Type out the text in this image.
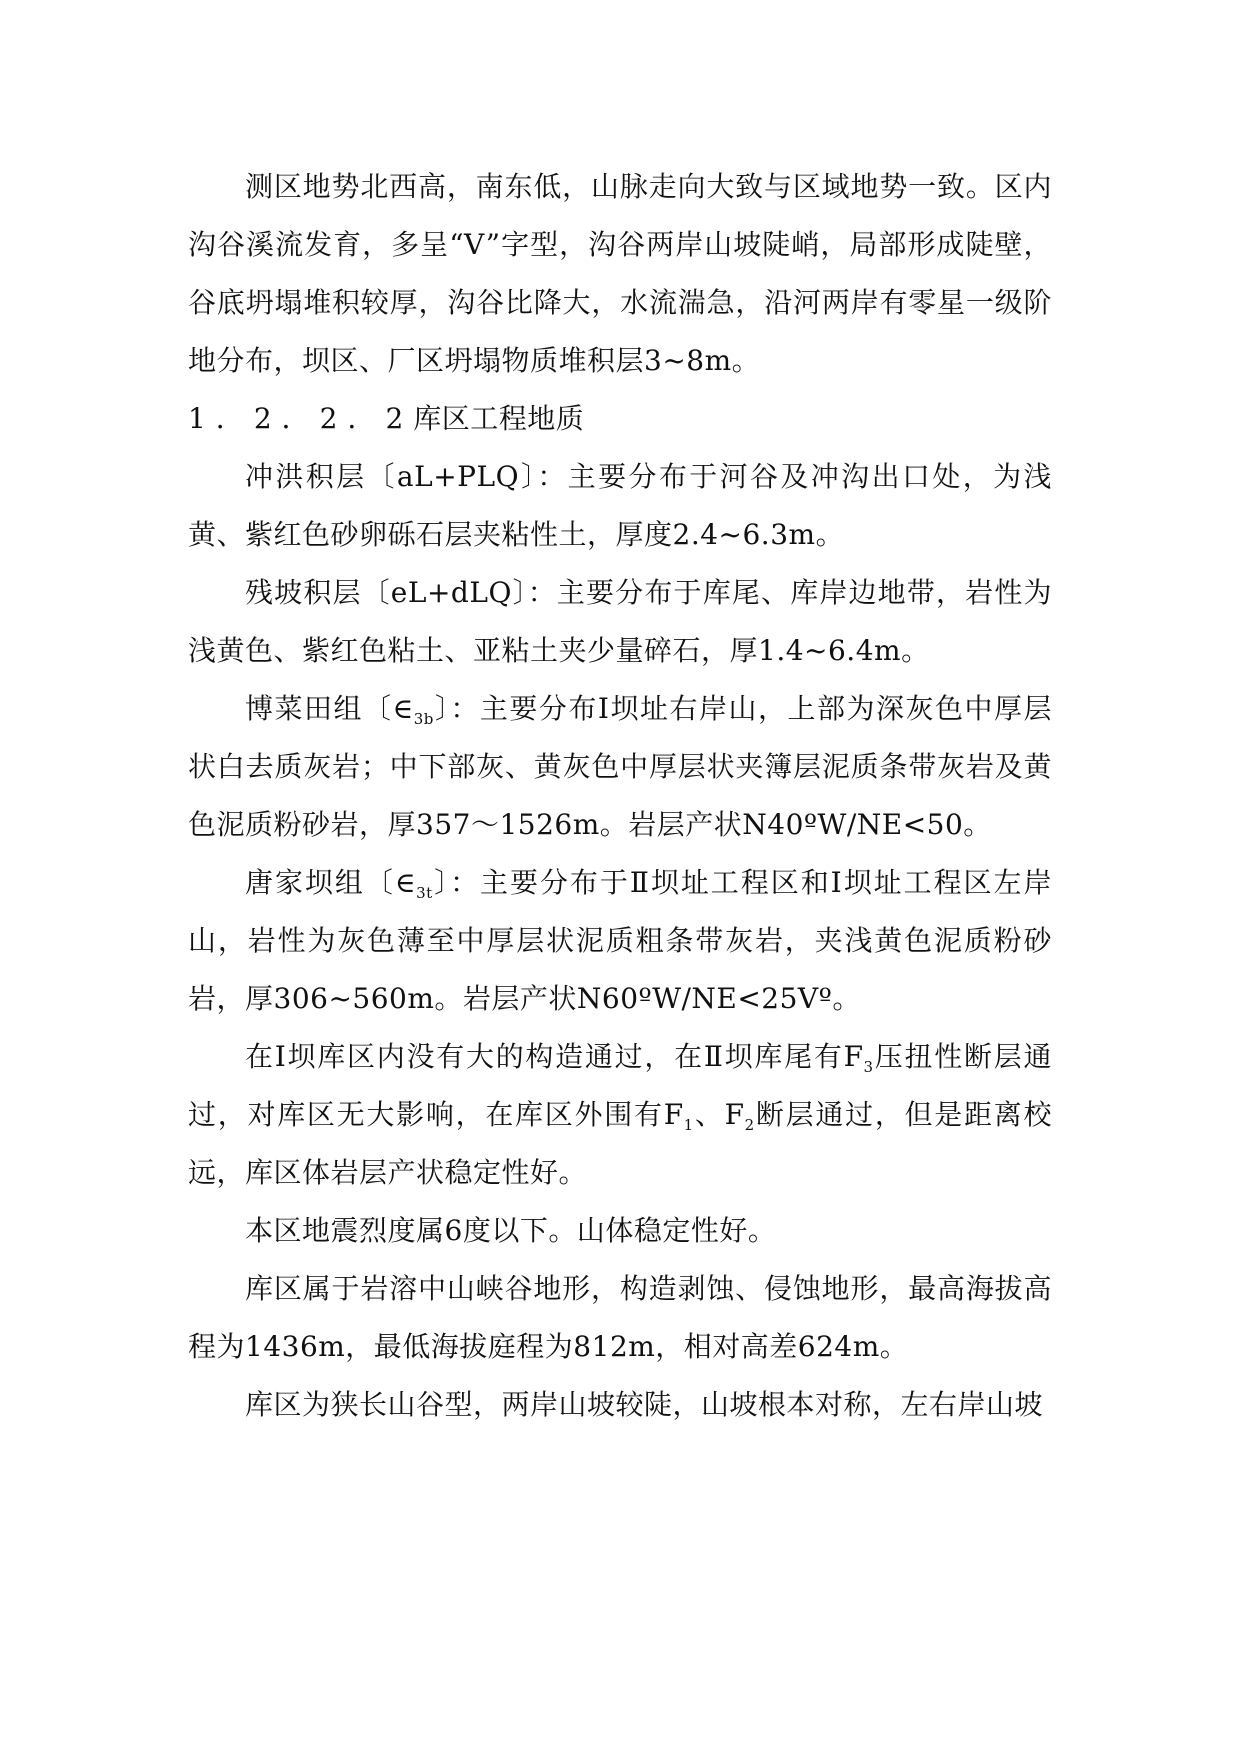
测区地势北西高，南东低，山脉走向大致与区域地势一致。区内沟谷溪流发育，多呈“V”字型，沟谷两岸山坡陡峭，局部形成陡壁，谷底坍塌堆积较厚，沟谷比降大，水流湍急，沿河两岸有零星一级阶地分布，坝区、厂区坍塌物质堆积层3~8m。

1．2．2．2库区工程地质

冲洪积层〔aL+PLQ〕：主要分布于河谷及冲沟出口处，为浅黄、紫红色砂卵砾石层夹粘性土，厚度2.4~6.3m。

残坡积层〔eL+dLQ〕：主要分布于库尾、库岸边地带，岩性为浅黄色、紫红色粘土、亚粘土夹少量碎石，厚1.4~6.4m。

博菜田组〔$\in_{3b}$〕：主要分布Ⅰ坝址右岸山，上部为深灰色中厚层状白去质灰岩；中下部灰、黄灰色中厚层状夹簿层泥质条带灰岩及黄色泥质粉砂岩，厚357～1526m。岩层产状N40ºW/NE<50。

唐家坝组〔$\in_{3t}$〕：主要分布于Ⅱ坝址工程区和Ⅰ坝址工程区左岸山，岩性为灰色薄至中厚层状泥质粗条带灰岩，夹浅黄色泥质粉砂岩，厚306~560m。岩层产状N60ºW/NE<25Vº。

在Ⅰ坝库区内没有大的构造通过，在Ⅱ坝库尾有$F_3$压扭性断层通过，对库区无大影响，在库区外围有$F_1$、$F_2$断层通过，但是距离校远，库区体岩层产状稳定性好。

本区地震烈度属6度以下。山体稳定性好。

库区属于岩溶中山峡谷地形，构造剥蚀、侵蚀地形，最高海拔高程为1436m，最低海拔庭程为812m，相对高差624m。

库区为狭长山谷型，两岸山坡较陡，山坡根本对称，左右岸山坡
